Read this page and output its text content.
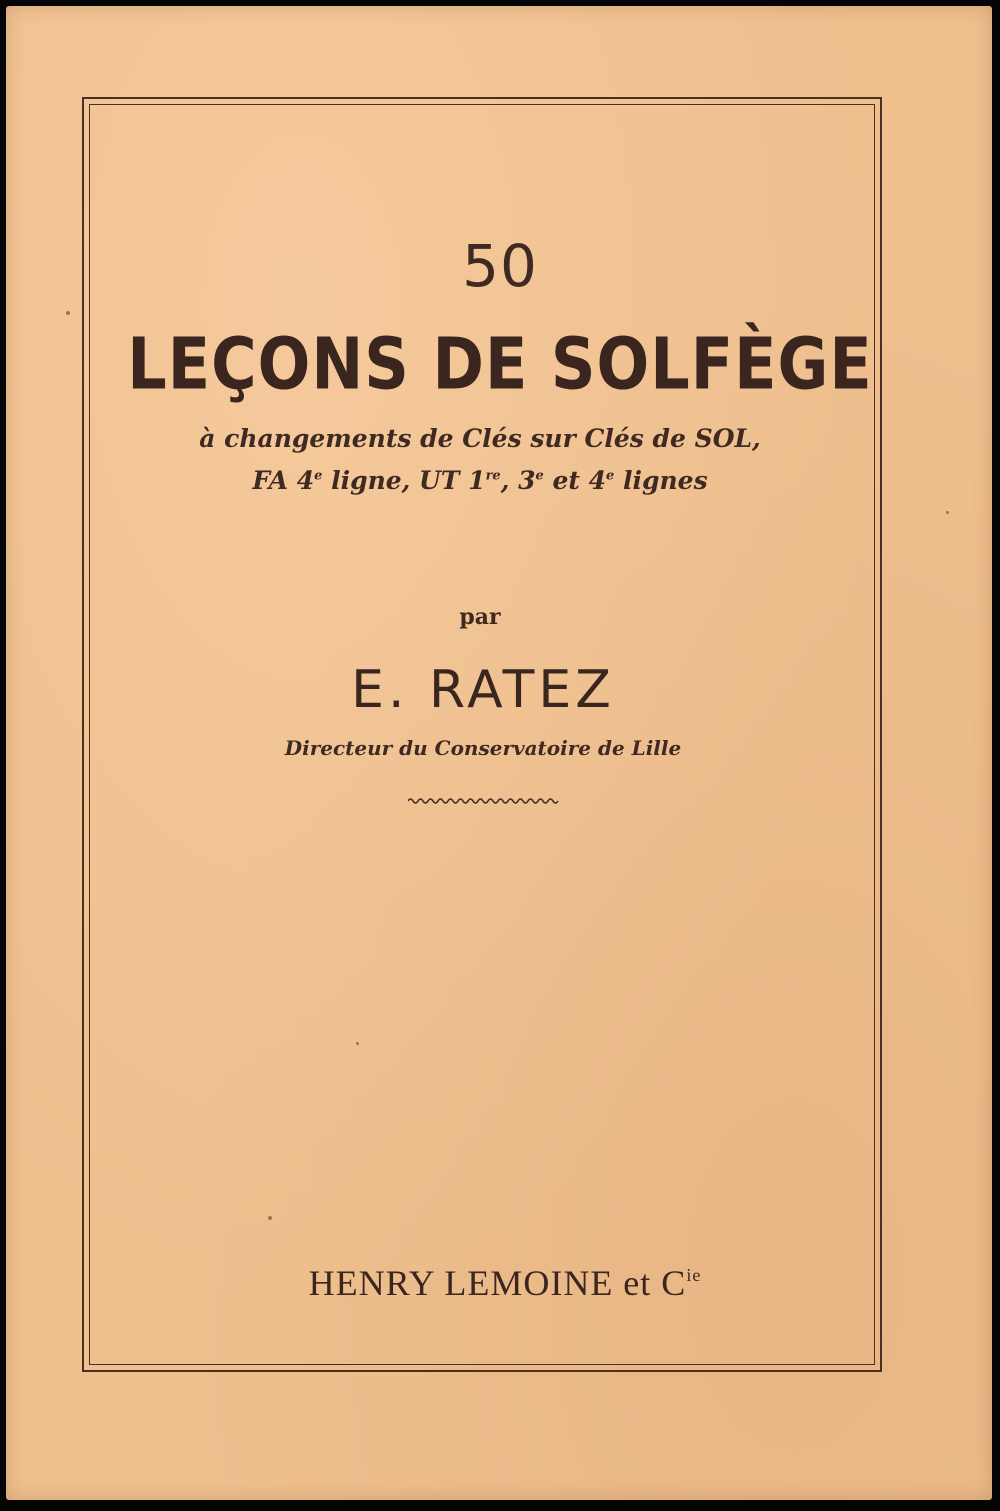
50
LEÇONS DE SOLFÈGE
à changements de Clés sur Clés de SOL,
FA 4e ligne, UT 1re, 3e et 4e lignes
par
E. RATEZ
Directeur du Conservatoire de Lille
HENRY LEMOINE et $C^{ie}$
